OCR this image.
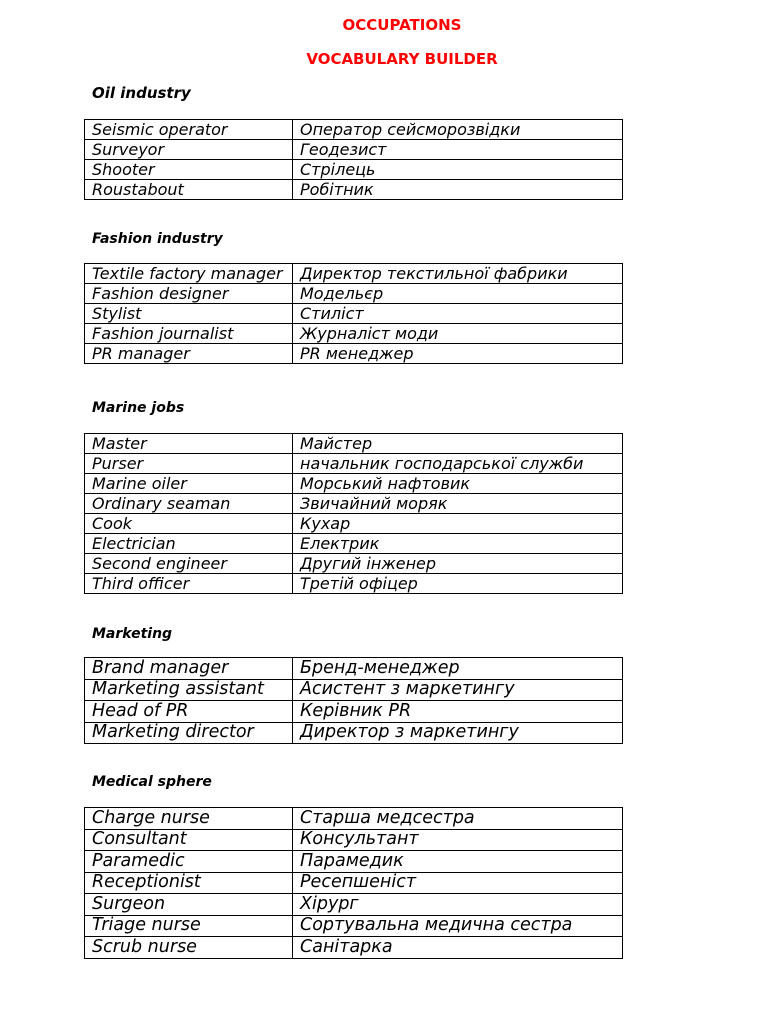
OCCUPATIONS
VOCABULARY BUILDER
Oil industry
Seismic operator	Оператор сейсморозвідки
Surveyor	Геодезист
Shooter	Стрілець
Roustabout	Робітник
Fashion industry
Textile factory manager	Директор текстильної фабрики
Fashion designer	Модельєр
Stylist	Стиліст
Fashion journalist	Журналіст моди
PR manager	PR менеджер
Marine jobs
Master	Майстер
Purser	начальник господарської служби
Marine oiler	Морський нафтовик
Ordinary seaman	Звичайний моряк
Cook	Кухар
Electrician	Електрик
Second engineer	Другий інженер
Third officer	Третій офіцер
Marketing
Brand manager	Бренд-менеджер
Marketing assistant	Асистент з маркетингу
Head of PR	Керівник PR
Marketing director	Директор з маркетингу
Medical sphere
Charge nurse	Старша медсестра
Consultant	Консультант
Paramedic	Парамедик
Receptionist	Ресепшеніст
Surgeon	Хірург
Triage nurse	Сортувальна медична сестра
Scrub nurse	Санітарка
